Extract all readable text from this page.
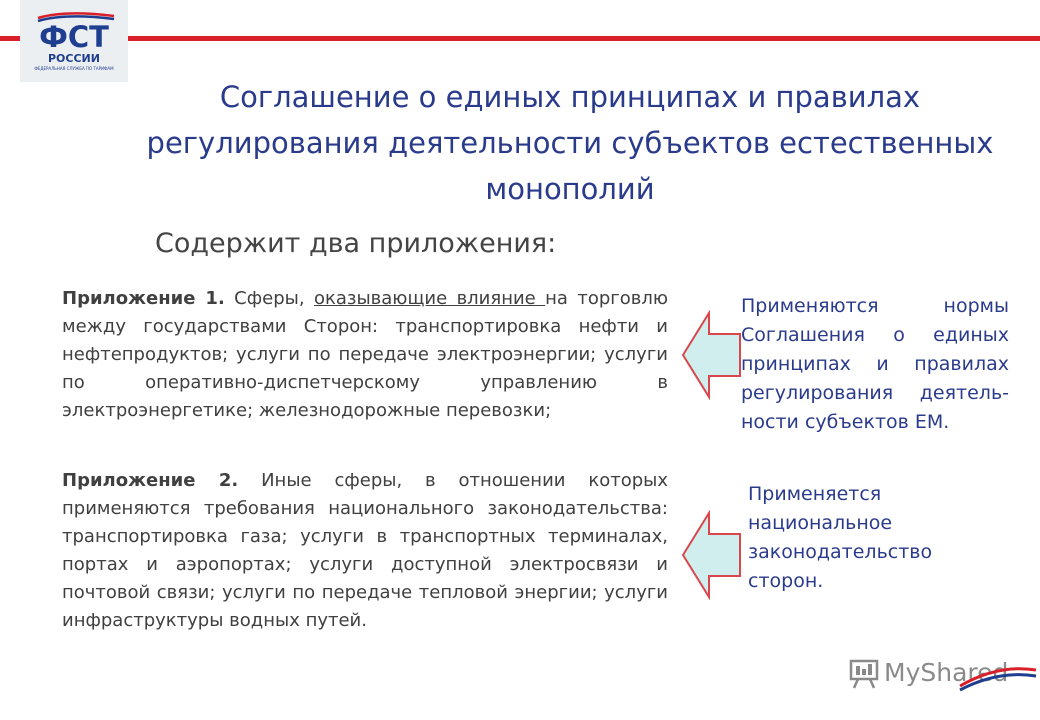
ФСТ
РОССИИ
ФЕДЕРАЛЬНАЯ СЛУЖБА ПО ТАРИФАМ
Соглашение о единых принципах и правилах регулирования деятельности субъектов естественных монополий
Содержит два приложения:
Приложение 1. Сферы, оказывающие влияние на торговлю между государствами Сторон: транспортировка нефти и нефтепродуктов; услуги по передаче электроэнергии; услуги по оперативно-диспетчерскому управлению в электроэнергетике; железнодорожные перевозки;
Приложение 2. Иные сферы, в отношении которых применяются требования национального законодательства: транспортировка газа; услуги в транспортных терминалах, портах и аэропортах; услуги доступной электросвязи и почтовой связи; услуги по передаче тепловой энергии; услуги инфраструктуры водных путей.
Применяются нормы Соглашения о единых принципах и правилах регулирования деятель-ности субъектов ЕМ.
Применяется национальное законодательство сторон.
MyShared
